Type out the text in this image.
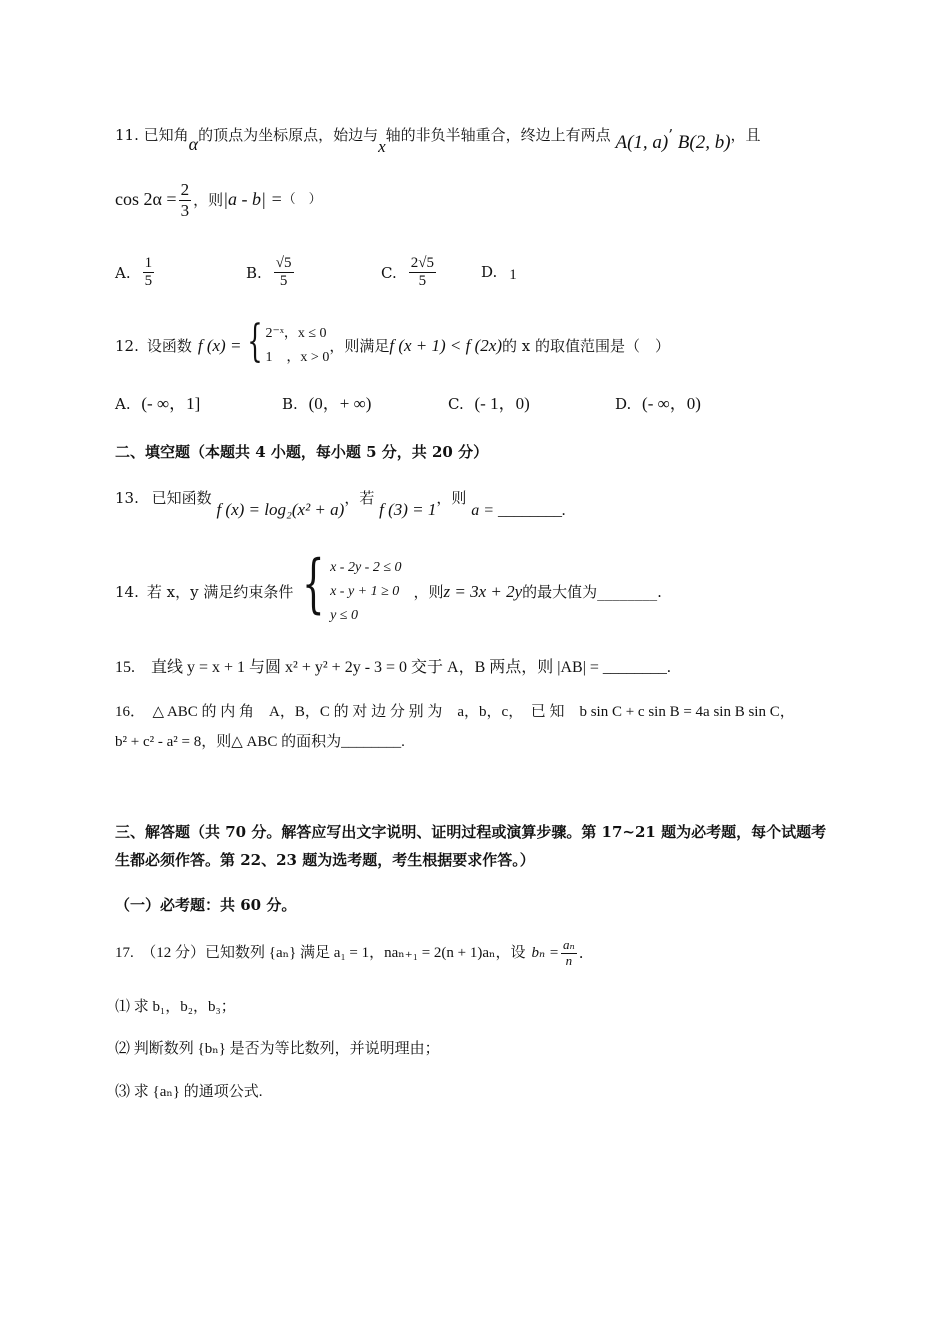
11. 已知角α的顶点为坐标原点，始边与x轴的非负半轴重合，终边上有两点 A(1, a)’ B(2, b)，且
$\cos 2\alpha = \frac{2}{3}$ ，则 |a - b| = （　）
A. $\frac{1}{5}$	B. $\frac{√5}{5}$	C. $\frac{2√5}{5}$	D. 1
12. 设函数 f (x) = { 2⁻ˣ，x ≤ 0
1　，x > 0
，则满足 f (x + 1) < f (2x) 的 x 的取值范围是（　）
A. (- ∞，1]	B. (0，+ ∞)	C. (- 1，0)	D. (- ∞，0)
二、填空题（本题共 4 小题，每小题 5 分，共 20 分）
13. 已知函数 f (x) = log₂(x² + a)，若 f (3) = 1，则 a = ________.
14. 若 x，y 满足约束条件 { x - 2y - 2 ≤ 0
x - y + 1 ≥ 0
y ≤ 0
，则 z = 3x + 2y 的最大值为________.
15.　直线 y = x + 1 与圆 x² + y² + 2y - 3 = 0 交于 A，B 两点，则 |AB| = ________.
16．　△ ABC 的 内 角　A，B，C 的 对 边 分 别 为　a，b，c，　已 知　b sin C + c sin B = 4a sin B sin C，
b² + c² - a² = 8，则△ ABC 的面积为________.
三、解答题（共 70 分。解答应写出文字说明、证明过程或演算步骤。第 17~21 题为必考题，每个试题考
生都必须作答。第 22、23 题为选考题，考生根据要求作答。）
（一）必考题：共 60 分。
17.　（12 分）已知数列 {aₙ} 满足 a₁ = 1，naₙ₊₁ = 2(n + 1)aₙ，设 $b_n = \frac{\text{aₙ}}{n}$ .
⑴ 求 b₁，b₂，b₃；
⑵ 判断数列 {bₙ} 是否为等比数列，并说明理由；
⑶ 求 {aₙ} 的通项公式.
